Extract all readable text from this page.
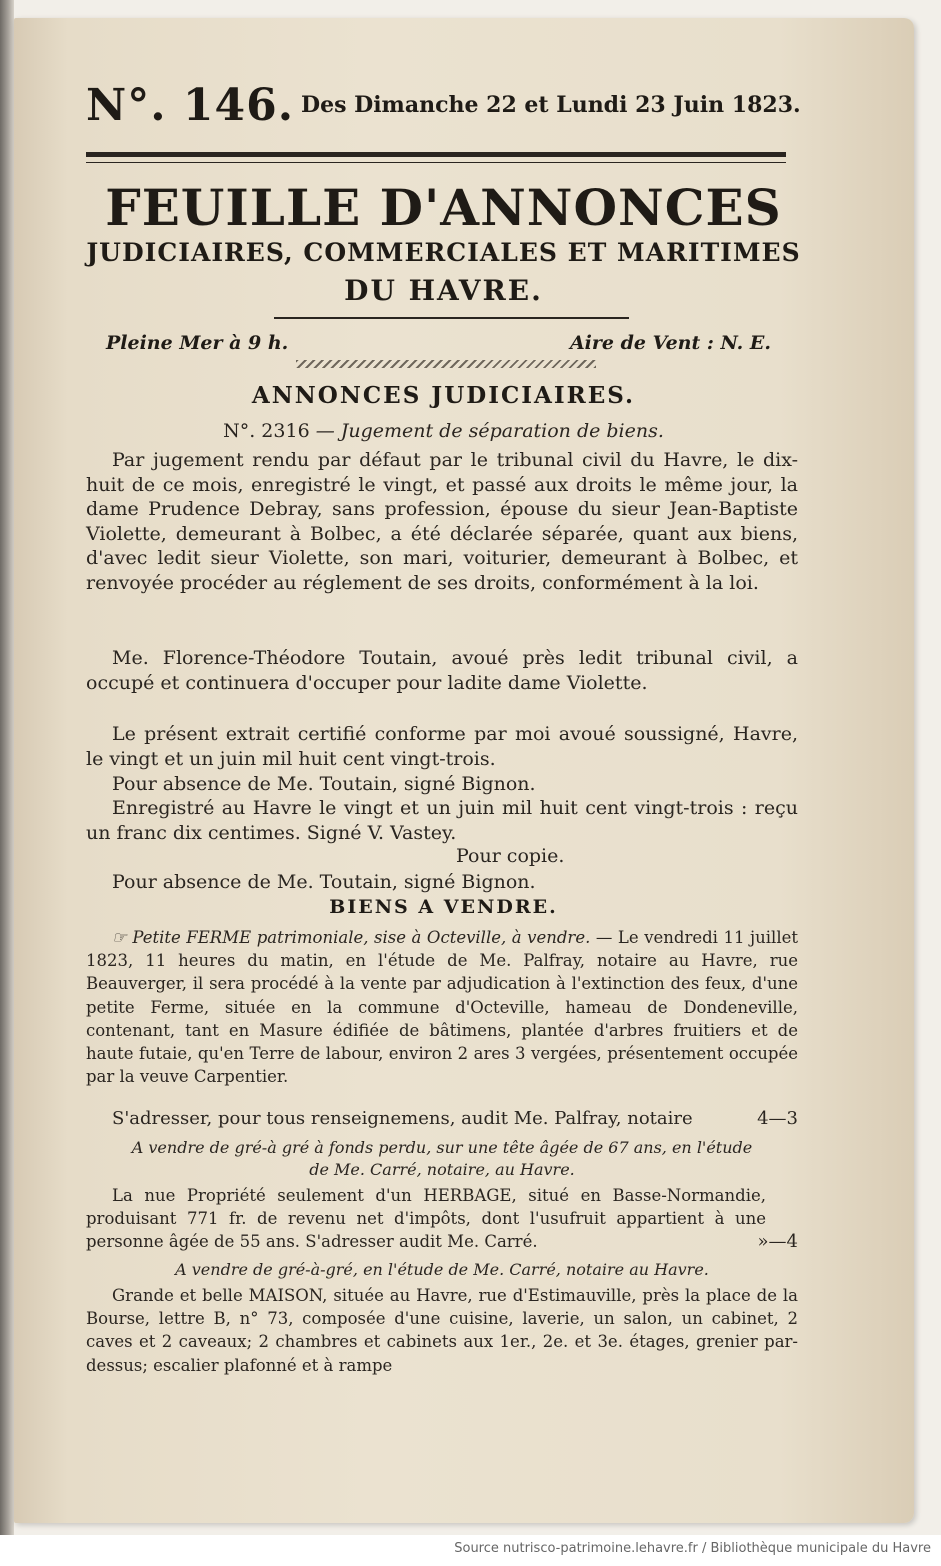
N°. 146. Des Dimanche 22 et Lundi 23 Juin 1823.
FEUILLE D'ANNONCES
JUDICIAIRES, COMMERCIALES ET MARITIMES
DU HAVRE.
Pleine Mer à 9 h.	Aire de Vent : N. E.
ANNONCES JUDICIAIRES.
N°. 2316 — Jugement de séparation de biens.

Par jugement rendu par défaut par le tribunal civil du Havre, le dix-huit de ce mois, enregistré le vingt, et passé aux droits le même jour, la dame Prudence Debray, sans profession, épouse du sieur Jean-Baptiste Violette, demeurant à Bolbec, a été déclarée séparée, quant aux biens, d'avec ledit sieur Violette, son mari, voiturier, demeurant à Bolbec, et renvoyée procéder au réglement de ses droits, conformément à la loi.

Me. Florence-Théodore Toutain, avoué près ledit tribunal civil, a occupé et continuera d'occuper pour ladite dame Violette.

Le présent extrait certifié conforme par moi avoué soussigné, Havre, le vingt et un juin mil huit cent vingt-trois.

Pour absence de Me. Toutain, signé Bignon.

Enregistré au Havre le vingt et un juin mil huit cent vingt-trois : reçu un franc dix centimes. Signé V. Vastey.

Pour copie.
Pour absence de Me. Toutain, signé Bignon.
BIENS A VENDRE.

☞ Petite FERME patrimoniale, sise à Octeville, à vendre. — Le vendredi 11 juillet 1823, 11 heures du matin, en l'étude de Me. Palfray, notaire au Havre, rue Beauverger, il sera procédé à la vente par adjudication à l'extinction des feux, d'une petite Ferme, située en la commune d'Octeville, hameau de Dondeneville, contenant, tant en Masure édifiée de bâtimens, plantée d'arbres fruitiers et de haute futaie, qu'en Terre de labour, environ 2 ares 3 vergées, présentement occupée par la veuve Carpentier.

S'adresser, pour tous renseignemens, audit Me. Palfray, notaire	4—3
A vendre de gré-à gré à fonds perdu, sur une tête âgée de 67 ans, en l'étude
de Me. Carré, notaire, au Havre.

La nue Propriété seulement d'un HERBAGE, situé en Basse-Normandie, produisant 771 fr. de revenu net d'impôts, dont l'usufruit appartient à une personne âgée de 55 ans. S'adresser audit Me. Carré.	»—4
A vendre de gré-à-gré, en l'étude de Me. Carré, notaire au Havre.

Grande et belle MAISON, située au Havre, rue d'Estimauville, près la place de la Bourse, lettre B, n° 73, composée d'une cuisine, laverie, un salon, un cabinet, 2 caves et 2 caveaux; 2 chambres et cabinets aux 1er., 2e. et 3e. étages, grenier par-dessus; escalier plafonné et à rampe

Source nutrisco-patrimoine.lehavre.fr / Bibliothèque municipale du Havre
